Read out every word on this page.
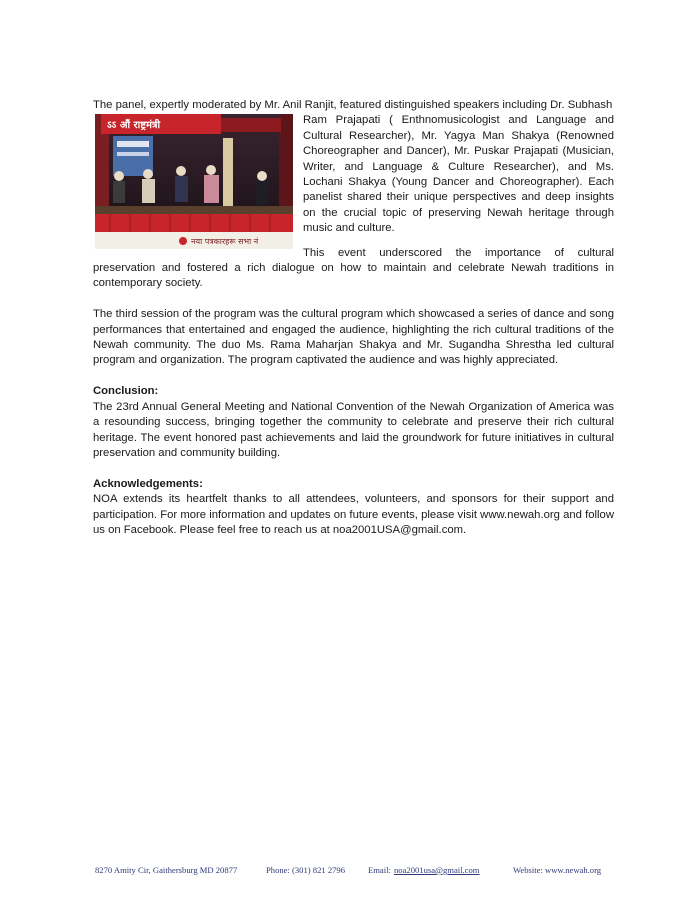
The panel, expertly moderated by Mr. Anil Ranjit, featured distinguished speakers including Dr. Subhash

ऽऽ औं राष्ट्रमंत्री
नया पत्रकारहरू सभा नं
Ram Prajapati ( Enthnomusicologist and Language and Cultural Researcher), Mr. Yagya Man Shakya (Renowned Choreographer and Dancer), Mr. Puskar Prajapati (Musician, Writer, and Language & Culture Researcher), and Ms. Lochani Shakya (Young Dancer and Choreographer). Each panelist shared their unique perspectives and deep insights on the crucial topic of preserving Newah heritage through music and culture.

This event underscored the importance of cultural preservation and fostered a rich dialogue on how to maintain and celebrate Newah traditions in contemporary society.

The third session of the program was the cultural program which showcased a series of dance and song performances that entertained and engaged the audience, highlighting the rich cultural traditions of the Newah community. The duo Ms. Rama Maharjan Shakya and Mr. Sugandha Shrestha led cultural program and organization. The program captivated the audience and was highly appreciated.

Conclusion:

The 23rd Annual General Meeting and National Convention of the Newah Organization of America was a resounding success, bringing together the community to celebrate and preserve their rich cultural heritage. The event honored past achievements and laid the groundwork for future initiatives in cultural preservation and community building.

Acknowledgements:

NOA extends its heartfelt thanks to all attendees, volunteers, and sponsors for their support and participation. For more information and updates on future events, please visit www.newah.org and follow us on Facebook. Please feel free to reach us at noa2001USA@gmail.com.

8270 Amity Cir, Gaithersburg MD 20877	Phone: (301) 821 2796	Email: noa2001usa@gmail.com	Website: www.newah.org
